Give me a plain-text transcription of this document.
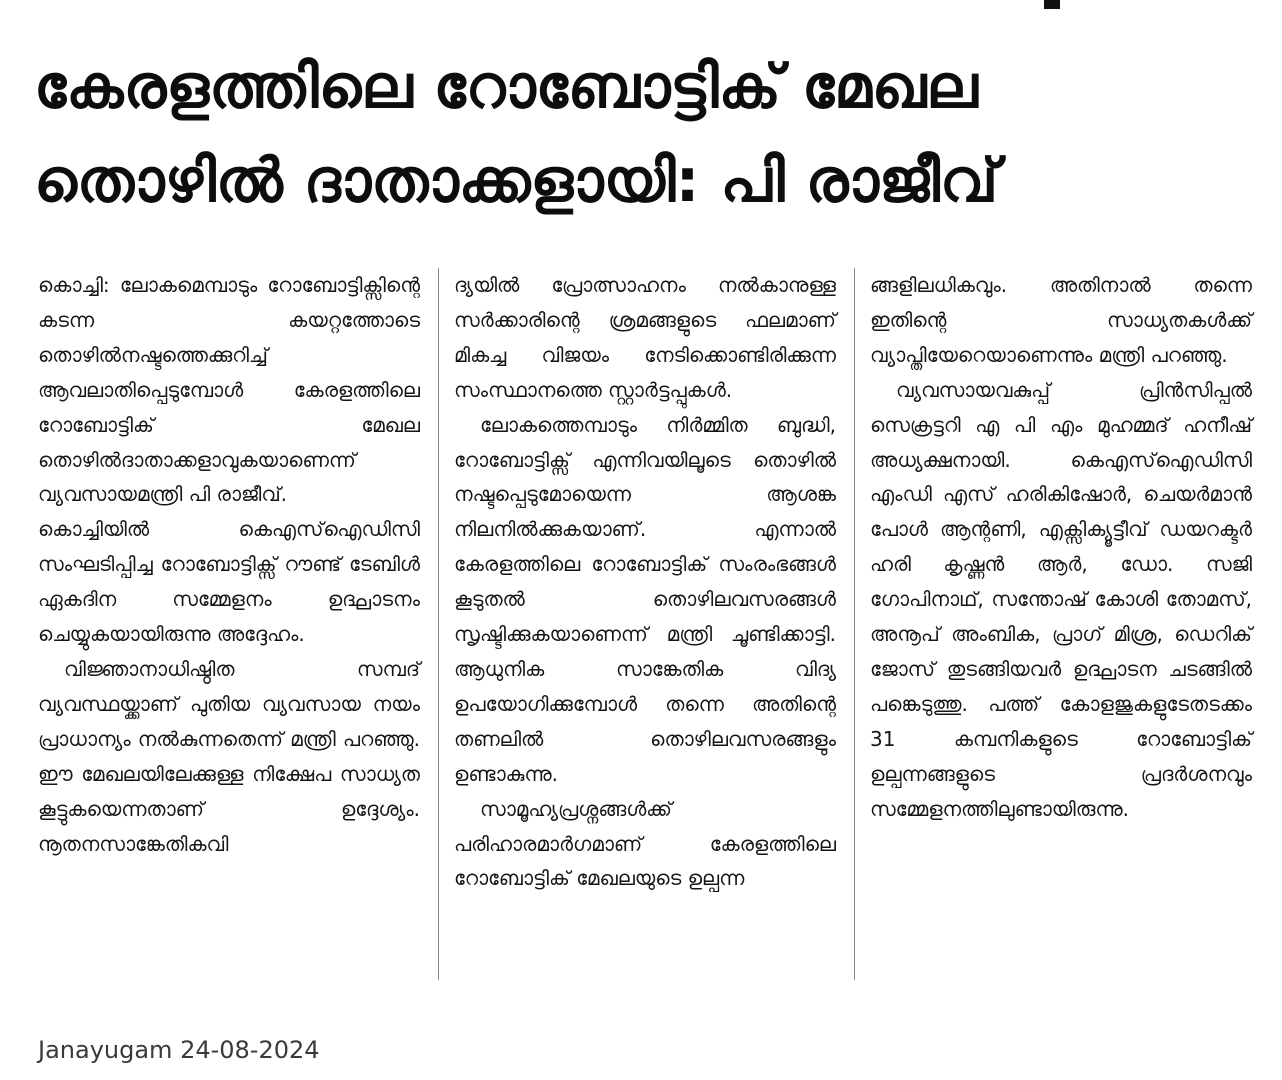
കേരളത്തിലെ റോബോട്ടിക് മേഖല
തൊഴിൽ ദാതാക്കളായി: പി രാജീവ്

കൊച്ചി: ലോകമെമ്പാടും റോബോട്ടിക്സിന്റെ കടന്ന കയറ്റത്തോടെ തൊഴിൽനഷ്ടത്തെക്കുറിച്ച് ആവലാതിപ്പെടുമ്പോൾ കേരളത്തിലെ റോബോട്ടിക് മേഖല തൊഴിൽദാതാക്കളാവുകയാണെന്ന് വ്യവസായമന്ത്രി പി രാജീവ്.

കൊച്ചിയിൽ കെഎസ്ഐഡിസി സംഘടിപ്പിച്ച റോബോട്ടിക്സ് റൗണ്ട് ടേബിൾ ഏകദിന സമ്മേളനം ഉദ്ഘാടനം ചെയ്യുകയായിരുന്നു അദ്ദേഹം.

വിജ്ഞാനാധിഷ്ഠിത സമ്പദ് വ്യവസ്ഥയ്ക്കാണ് പുതിയ വ്യവസായ നയം പ്രാധാന്യം നൽകുന്നതെന്ന് മന്ത്രി പറഞ്ഞു. ഈ മേഖലയിലേക്കുള്ള നിക്ഷേപ സാധ്യത കൂട്ടുകയെന്നതാണ് ഉദ്ദേശ്യം. നൂതനസാങ്കേതികവി

ദ്യയിൽ പ്രോത്സാഹനം നൽകാനുള്ള സർക്കാരിന്റെ ശ്രമങ്ങളുടെ ഫലമാണ് മികച്ച വിജയം നേടിക്കൊണ്ടിരിക്കുന്ന സംസ്ഥാനത്തെ സ്റ്റാർട്ടപ്പുകൾ.

ലോകത്തെമ്പാടും നിർമ്മിത ബുദ്ധി, റോബോട്ടിക്സ് എന്നിവയിലൂടെ തൊഴിൽ നഷ്ടപ്പെടുമോയെന്ന ആശങ്ക നിലനിൽക്കുകയാണ്. എന്നാൽ കേരളത്തിലെ റോബോട്ടിക് സംരംഭങ്ങൾ കൂടുതൽ തൊഴിലവസരങ്ങൾ സൃഷ്ടിക്കുകയാണെന്ന് മന്ത്രി ചൂണ്ടിക്കാട്ടി. ആധുനിക സാങ്കേതിക വിദ്യ ഉപയോഗിക്കുമ്പോൾ തന്നെ അതിന്റെ തണലിൽ തൊഴിലവസരങ്ങളും ഉണ്ടാകുന്നു.

സാമൂഹ്യപ്രശ്നങ്ങൾക്ക് പരിഹാരമാർഗമാണ് കേരളത്തിലെ റോബോട്ടിക് മേഖലയുടെ ഉല്പന്ന

ങ്ങളിലധികവും. അതിനാൽ തന്നെ ഇതിന്റെ സാധ്യതകൾക്ക് വ്യാപ്തിയേറെയാണെന്നും മന്ത്രി പറഞ്ഞു.

വ്യവസായവകുപ്പ് പ്രിൻസിപ്പൽ സെക്രട്ടറി എ പി എം മുഹമ്മദ് ഹനീഷ് അധ്യക്ഷനായി. കെഎസ്ഐഡിസി എംഡി എസ് ഹരികിഷോർ, ചെയർമാൻ പോൾ ആന്റണി, എക്സിക്യൂട്ടീവ് ഡയറക്ടർ ഹരി കൃഷ്ണൻ ആർ, ഡോ. സജി ഗോപിനാഥ്, സന്തോഷ് കോശി തോമസ്, അനൂപ് അംബിക, പ്രാഗ് മിശ്ര, ഡെറിക് ജോസ് തുടങ്ങിയവർ ഉദ്ഘാടന ചടങ്ങിൽ പങ്കെടുത്തു. പത്ത് കോളജുകളുടേതടക്കം 31 കമ്പനികളുടെ റോബോട്ടിക് ഉല്പന്നങ്ങളുടെ പ്രദർശനവും സമ്മേളനത്തിലുണ്ടായിരുന്നു.

Janayugam 24-08-2024
